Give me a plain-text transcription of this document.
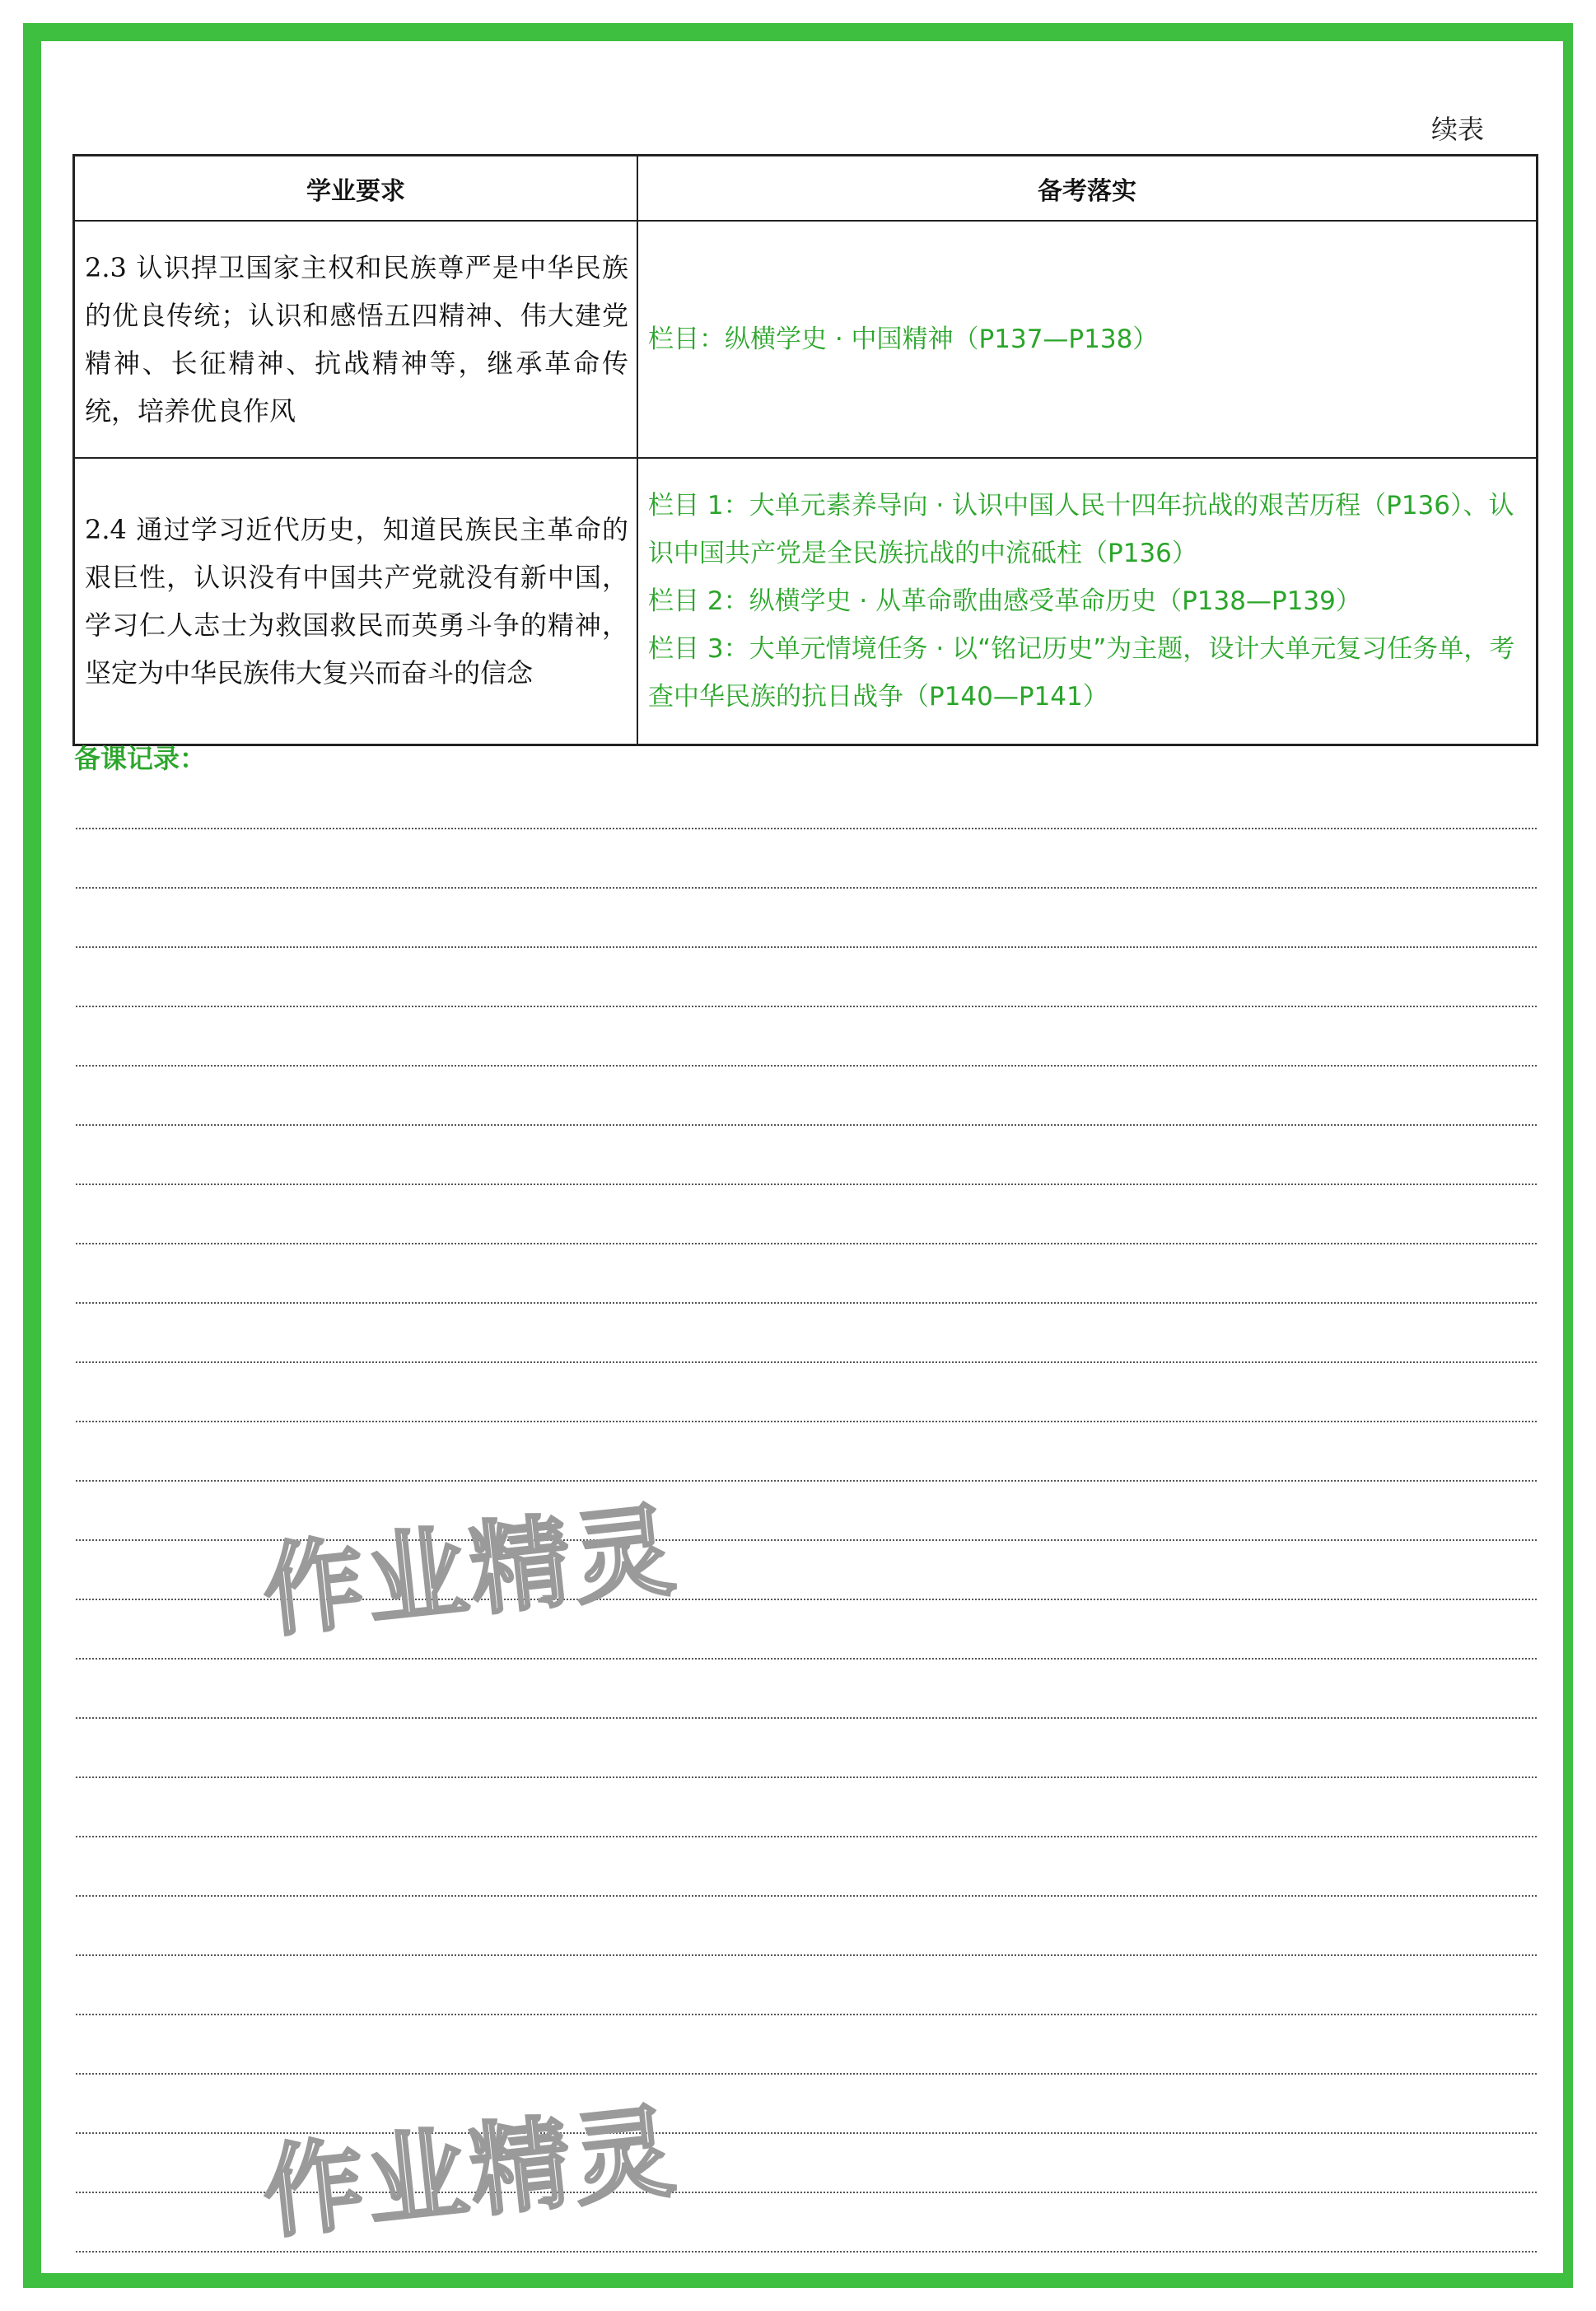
续表
学业要求	备考落实
2.3 认识捍卫国家主权和民族尊严是中华民族的优良传统；认识和感悟五四精神、伟大建党精神、长征精神、抗战精神等，继承革命传统，培养优良作风	栏目：纵横学史 · 中国精神（P137—P138）

2.4 通过学习近代历史，知道民族民主革命的艰巨性，认识没有中国共产党就没有新中国，学习仁人志士为救国救民而英勇斗争的精神，坚定为中华民族伟大复兴而奋斗的信念	栏目 1：大单元素养导向 · 认识中国人民十四年抗战的艰苦历程（P136）、认识中国共产党是全民族抗战的中流砥柱（P136）
栏目 2：纵横学史 · 从革命歌曲感受革命历史（P138—P139）
栏目 3：大单元情境任务 · 以“铭记历史”为主题，设计大单元复习任务单，考查中华民族的抗日战争（P140—P141）
备课记录：
作业精灵
作业精灵
